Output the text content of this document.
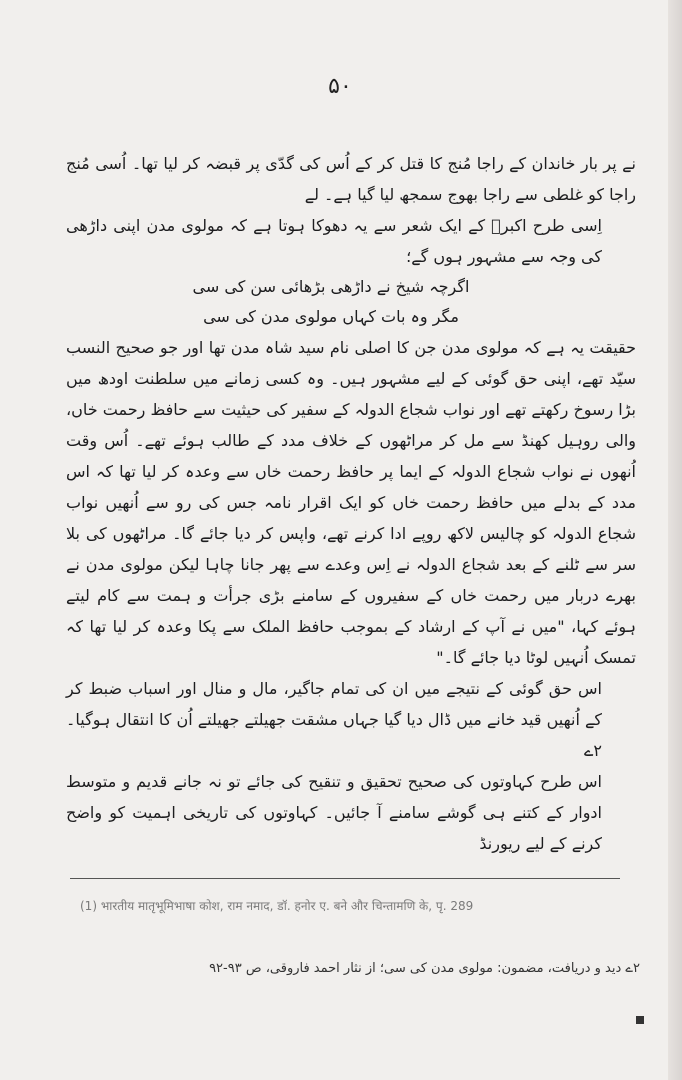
۵۰

نے پر بار خاندان کے راجا مُنج کا قتل کر کے اُس کی گدّی پر قبضہ کر لیا تھا۔ اُسی مُنج راجا کو غلطی سے راجا بھوج سمجھ لیا گیا ہے۔ لے

اِسی طرح اکبرؔ کے ایک شعر سے یہ دھوکا ہوتا ہے کہ مولوی مدن اپنی داڑھی کی وجہ سے مشہور ہوں گے؛

اگرچہ شیخ نے داڑھی بڑھائی سن کی سی

مگر وہ بات کہاں مولوی مدن کی سی

حقیقت یہ ہے کہ مولوی مدن جن کا اصلی نام سید شاہ مدن تھا اور جو صحیح النسب سیّد تھے، اپنی حق گوئی کے لیے مشہور ہیں۔ وہ کسی زمانے میں سلطنت اودھ میں بڑا رسوخ رکھتے تھے اور نواب شجاع الدولہ کے سفیر کی حیثیت سے حافظ رحمت خاں، والی روہیل کھنڈ سے مل کر مراٹھوں کے خلاف مدد کے طالب ہوئے تھے۔ اُس وقت اُنھوں نے نواب شجاع الدولہ کے ایما پر حافظ رحمت خاں سے وعدہ کر لیا تھا کہ اس مدد کے بدلے میں حافظ رحمت خاں کو ایک اقرار نامہ جس کی رو سے اُنھیں نواب شجاع الدولہ کو چالیس لاکھ روپے ادا کرنے تھے، واپس کر دیا جائے گا۔ مراٹھوں کی بلا سر سے ٹلنے کے بعد شجاع الدولہ نے اِس وعدے سے پھر جانا چاہا لیکن مولوی مدن نے بھرے دربار میں رحمت خاں کے سفیروں کے سامنے بڑی جرأت و ہمت سے کام لیتے ہوئے کہا، "میں نے آپ کے ارشاد کے بموجب حافظ الملک سے پکا وعدہ کر لیا تھا کہ تمسک اُنہیں لوٹا دیا جائے گا۔"

اس حق گوئی کے نتیجے میں ان کی تمام جاگیر، مال و منال اور اسباب ضبط کر کے اُنھیں قید خانے میں ڈال دیا گیا جہاں مشقت جھیلتے جھیلتے اُن کا انتقال ہوگیا۔ ٢ے

اس طرح کہاوتوں کی صحیح تحقیق و تنقیح کی جائے تو نہ جانے قدیم و متوسط ادوار کے کتنے ہی گوشے سامنے آ جائیں۔ کہاوتوں کی تاریخی اہمیت کو واضح کرنے کے لیے ریورنڈ

(1) भारतीय मातृभूमिभाषा कोश, राम नमाद, डॉ. हनोर ए. बने और चिन्तामणि के, पृ. 289
٢ے دید و دریافت، مضمون: مولوی مدن کی سی؛ از نثار احمد فاروقی، ص ۹۳-۹۲
